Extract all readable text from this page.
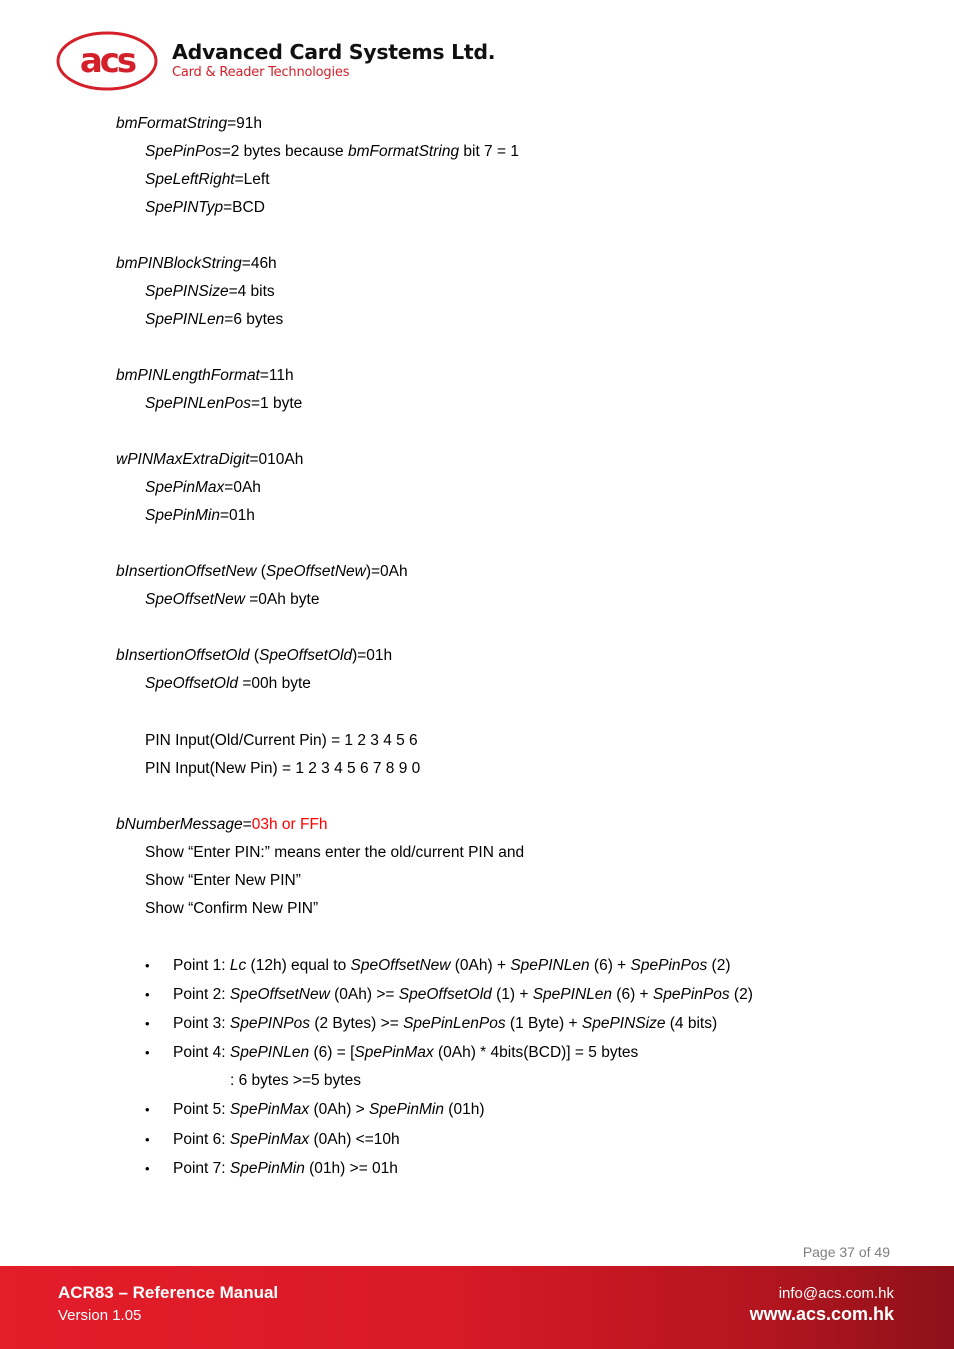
acs Advanced Card Systems Ltd.
Card & Reader Technologies
bmFormatString=91h
SpePinPos=2 bytes because bmFormatString bit 7 = 1
SpeLeftRight=Left
SpePINTyp=BCD
bmPINBlockString=46h
SpePINSize=4 bits
SpePINLen=6 bytes
bmPINLengthFormat=11h
SpePINLenPos=1 byte
wPINMaxExtraDigit=010Ah
SpePinMax=0Ah
SpePinMin=01h
bInsertionOffsetNew (SpeOffsetNew)=0Ah
SpeOffsetNew =0Ah byte
bInsertionOffsetOld (SpeOffsetOld)=01h
SpeOffsetOld =00h byte
PIN Input(Old/Current Pin) = 1 2 3 4 5 6
PIN Input(New Pin) = 1 2 3 4 5 6 7 8 9 0
bNumberMessage=03h or FFh
Show “Enter PIN:” means enter the old/current PIN and
Show “Enter New PIN”
Show “Confirm New PIN”
• Point 1: Lc (12h) equal to SpeOffsetNew (0Ah) + SpePINLen (6) + SpePinPos (2)
• Point 2: SpeOffsetNew (0Ah) >= SpeOffsetOld (1) + SpePINLen (6) + SpePinPos (2)
• Point 3: SpePINPos (2 Bytes) >= SpePinLenPos (1 Byte) + SpePINSize (4 bits)
• Point 4: SpePINLen (6) = [SpePinMax (0Ah) * 4bits(BCD)] = 5 bytes
: 6 bytes >=5 bytes
• Point 5: SpePinMax (0Ah) > SpePinMin (01h)
• Point 6: SpePinMax (0Ah) <=10h
• Point 7: SpePinMin (01h) >= 01h
Page 37 of 49
ACR83 – Reference Manual
Version 1.05
info@acs.com.hk
www.acs.com.hk
